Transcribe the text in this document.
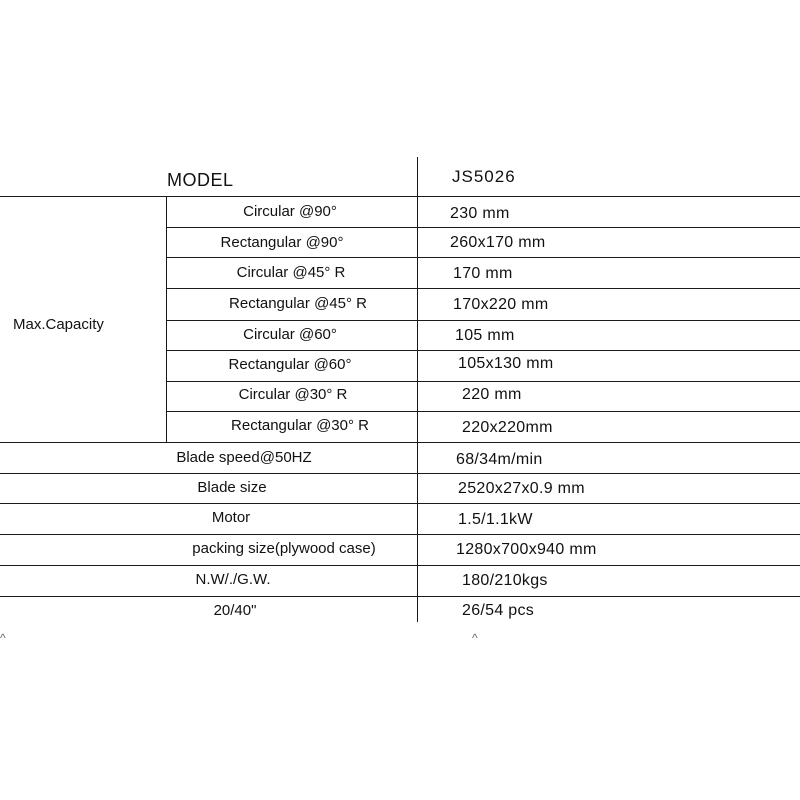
MODEL	JS5026
Max.Capacity
Circular @90°	230 mm
Rectangular @90°	260x170 mm
Circular @45° R	170 mm
Rectangular @45° R	170x220 mm
Circular @60°	105 mm
Rectangular @60°	105x130 mm
Circular @30° R	220 mm
Rectangular @30° R	220x220mm
Blade speed@50HZ	68/34m/min
Blade size	2520x27x0.9 mm
Motor	1.5/1.1kW
packing size(plywood case)	1280x700x940 mm
N.W/./G.W.	180/210kgs
20/40"	26/54 pcs
^	^
